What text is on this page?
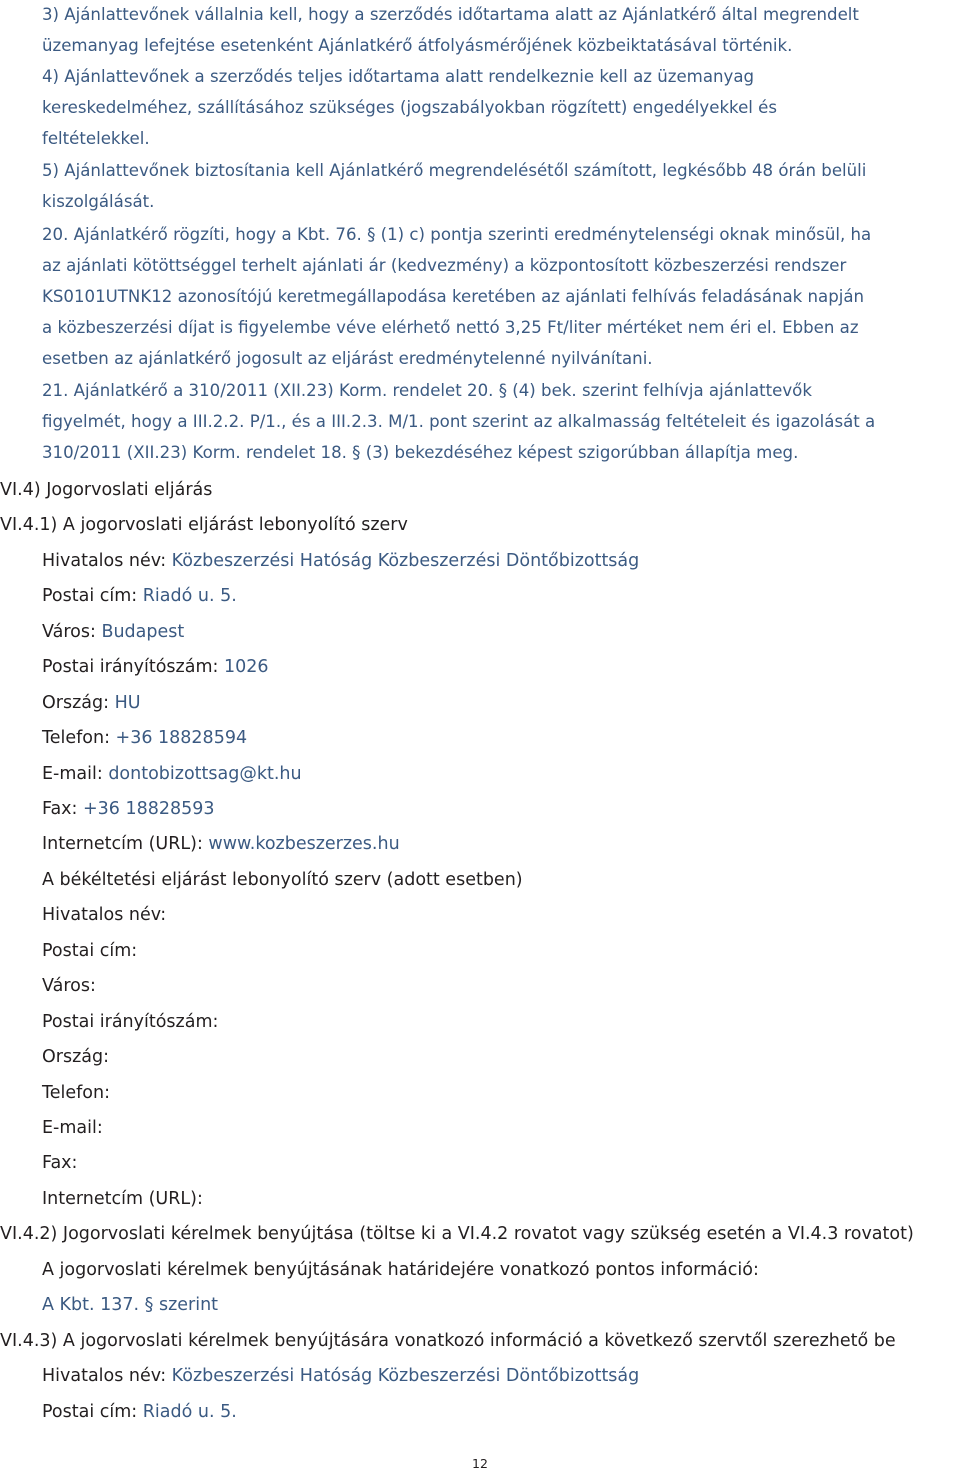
3) Ajánlattevőnek vállalnia kell, hogy a szerződés időtartama alatt az Ajánlatkérő által megrendelt
üzemanyag lefejtése esetenként Ajánlatkérő átfolyásmérőjének közbeiktatásával történik.
4) Ajánlattevőnek a szerződés teljes időtartama alatt rendelkeznie kell az üzemanyag
kereskedelméhez, szállításához szükséges (jogszabályokban rögzített) engedélyekkel és
feltételekkel.
5) Ajánlattevőnek biztosítania kell Ajánlatkérő megrendelésétől számított, legkésőbb 48 órán belüli
kiszolgálását.
20. Ajánlatkérő rögzíti, hogy a Kbt. 76. § (1) c) pontja szerinti eredménytelenségi oknak minősül, ha
az ajánlati kötöttséggel terhelt ajánlati ár (kedvezmény) a központosított közbeszerzési rendszer
KS0101UTNK12 azonosítójú keretmegállapodása keretében az ajánlati felhívás feladásának napján
a közbeszerzési díjat is figyelembe véve elérhető nettó 3,25 Ft/liter mértéket nem éri el. Ebben az
esetben az ajánlatkérő jogosult az eljárást eredménytelenné nyilvánítani.
21. Ajánlatkérő a 310/2011 (XII.23) Korm. rendelet 20. § (4) bek. szerint felhívja ajánlattevők
figyelmét, hogy a III.2.2. P/1., és a III.2.3. M/1. pont szerint az alkalmasság feltételeit és igazolását a
310/2011 (XII.23) Korm. rendelet 18. § (3) bekezdéséhez képest szigorúbban állapítja meg.
VI.4) Jogorvoslati eljárás
VI.4.1) A jogorvoslati eljárást lebonyolító szerv
Hivatalos név: Közbeszerzési Hatóság Közbeszerzési Döntőbizottság
Postai cím: Riadó u. 5.
Város: Budapest
Postai irányítószám: 1026
Ország: HU
Telefon: +36 18828594
E-mail: dontobizottsag@kt.hu
Fax: +36 18828593
Internetcím (URL): www.kozbeszerzes.hu
A békéltetési eljárást lebonyolító szerv (adott esetben)
Hivatalos név:
Postai cím:
Város:
Postai irányítószám:
Ország:
Telefon:
E-mail:
Fax:
Internetcím (URL):
VI.4.2) Jogorvoslati kérelmek benyújtása (töltse ki a VI.4.2 rovatot vagy szükség esetén a VI.4.3 rovatot)
A jogorvoslati kérelmek benyújtásának határidejére vonatkozó pontos információ:
A Kbt. 137. § szerint
VI.4.3) A jogorvoslati kérelmek benyújtására vonatkozó információ a következő szervtől szerezhető be
Hivatalos név: Közbeszerzési Hatóság Közbeszerzési Döntőbizottság
Postai cím: Riadó u. 5.
12
